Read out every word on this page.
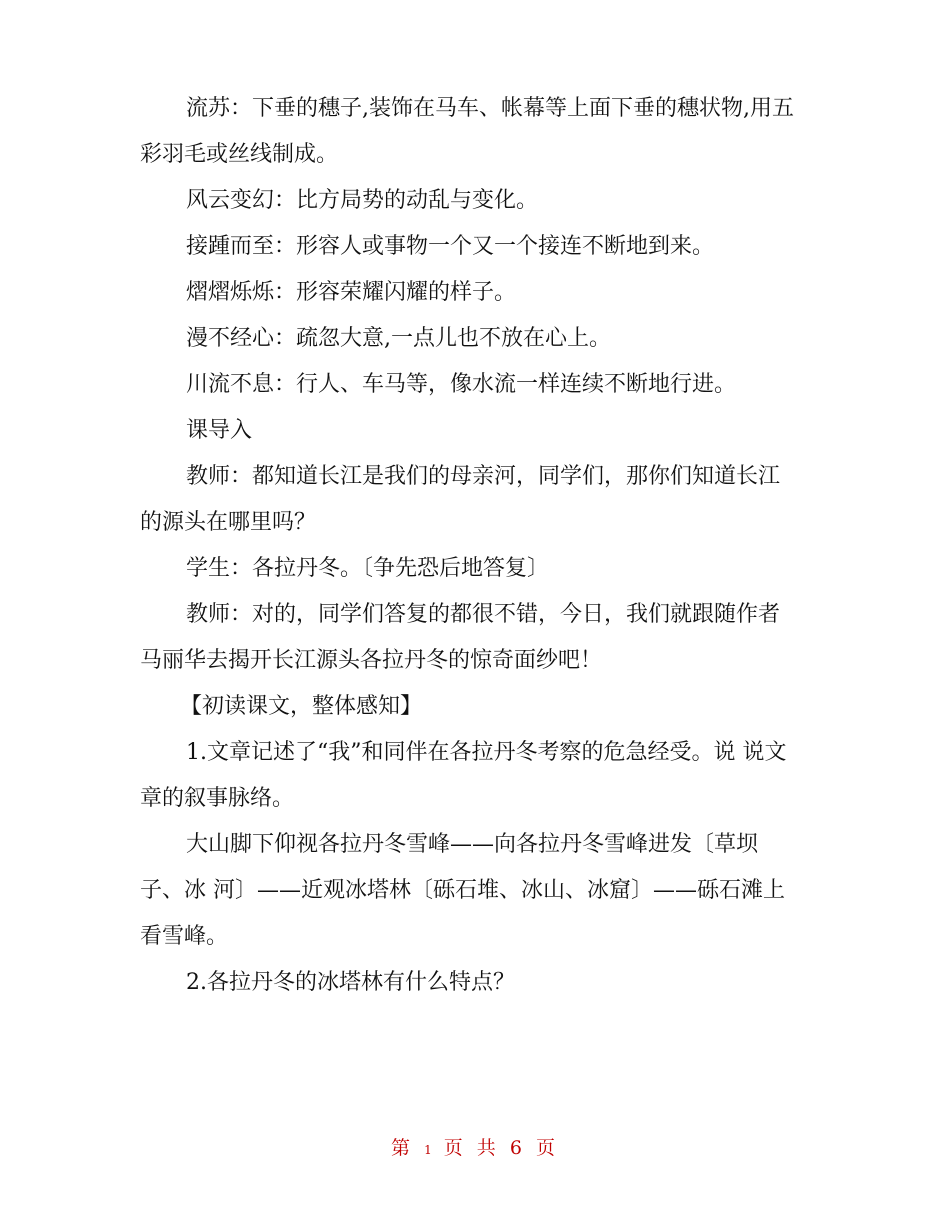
流苏：下垂的穗子,装饰在马车、帐幕等上面下垂的穗状物,用五彩羽毛或丝线制成。

风云变幻：比方局势的动乱与变化。

接踵而至：形容人或事物一个又一个接连不断地到来。

熠熠烁烁：形容荣耀闪耀的样子。

漫不经心：疏忽大意,一点儿也不放在心上。

川流不息：行人、车马等，像水流一样连续不断地行进。

课导入

教师：都知道长江是我们的母亲河，同学们，那你们知道长江的源头在哪里吗？

学生：各拉丹冬。〔争先恐后地答复〕

教师：对的，同学们答复的都很不错，今日，我们就跟随作者马丽华去揭开长江源头各拉丹冬的惊奇面纱吧！

【初读课文，整体感知】

1.文章记述了“我”和同伴在各拉丹冬考察的危急经受。说 说文章的叙事脉络。

大山脚下仰视各拉丹冬雪峰——向各拉丹冬雪峰进发〔草坝子、冰 河〕——近观冰塔林〔砾石堆、冰山、冰窟〕——砾石滩上看雪峰。

2.各拉丹冬的冰塔林有什么特点？

第 1 页 共 6 页
